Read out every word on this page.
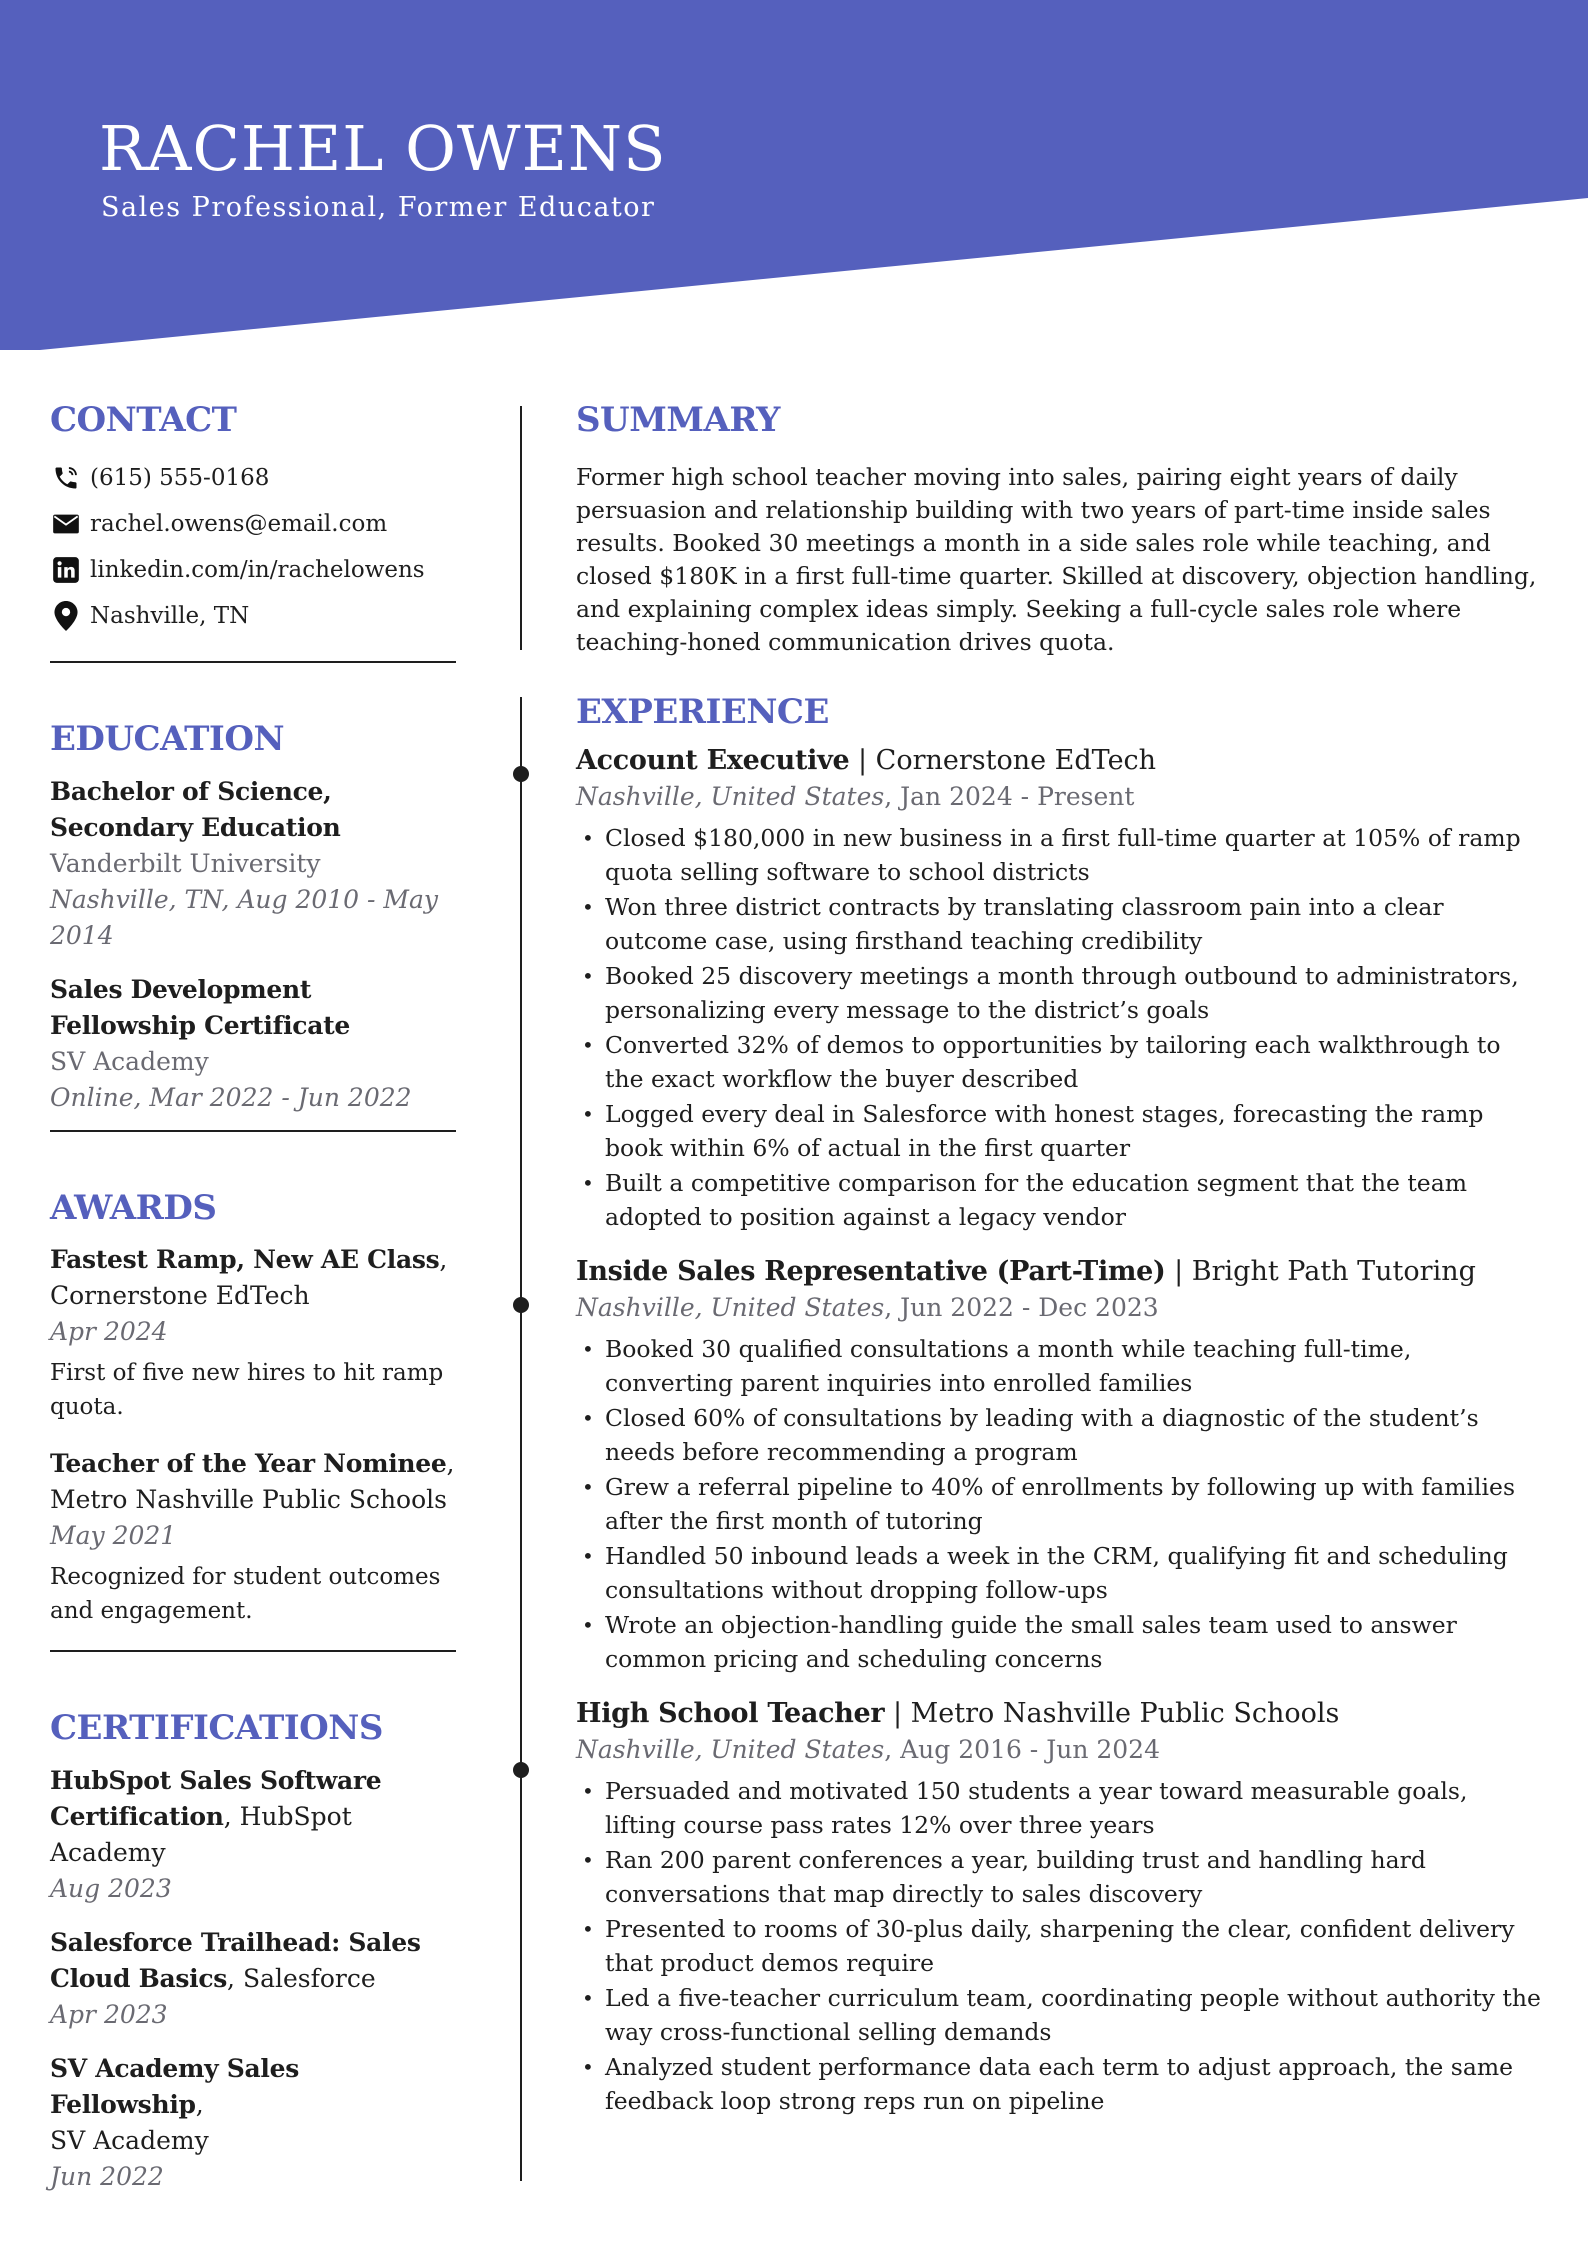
RACHEL OWENS

Sales Professional, Former Educator

CONTACT
(615) 555-0168
rachel.owens@email.com
linkedin.com/in/rachelowens
Nashville, TN
EDUCATION
Bachelor of Science, Secondary Education
Vanderbilt University
Nashville, TN, Aug 2010 - May 2014
Sales Development Fellowship Certificate
SV Academy
Online, Mar 2022 - Jun 2022
AWARDS
Fastest Ramp, New AE Class,
Cornerstone EdTech
Apr 2024
First of five new hires to hit ramp quota.
Teacher of the Year Nominee,
Metro Nashville Public Schools
May 2021
Recognized for student outcomes and engagement.
CERTIFICATIONS
HubSpot Sales Software Certification, HubSpot Academy
Aug 2023
Salesforce Trailhead: Sales Cloud Basics, Salesforce
Apr 2023
SV Academy Sales Fellowship,
SV Academy
Jun 2022
SUMMARY

Former high school teacher moving into sales, pairing eight years of daily persuasion and relationship building with two years of part-time inside sales results. Booked 30 meetings a month in a side sales role while teaching, and closed $180K in a first full-time quarter. Skilled at discovery, objection handling, and explaining complex ideas simply. Seeking a full-cycle sales role where teaching-honed communication drives quota.

EXPERIENCE
Account Executive | Cornerstone EdTech
Nashville, United States, Jan 2024 - Present
• Closed $180,000 in new business in a first full-time quarter at 105% of ramp quota selling software to school districts
• Won three district contracts by translating classroom pain into a clear outcome case, using firsthand teaching credibility
• Booked 25 discovery meetings a month through outbound to administrators, personalizing every message to the district’s goals
• Converted 32% of demos to opportunities by tailoring each walkthrough to the exact workflow the buyer described
• Logged every deal in Salesforce with honest stages, forecasting the ramp book within 6% of actual in the first quarter
• Built a competitive comparison for the education segment that the team adopted to position against a legacy vendor
Inside Sales Representative (Part-Time) | Bright Path Tutoring
Nashville, United States, Jun 2022 - Dec 2023
• Booked 30 qualified consultations a month while teaching full-time, converting parent inquiries into enrolled families
• Closed 60% of consultations by leading with a diagnostic of the student’s needs before recommending a program
• Grew a referral pipeline to 40% of enrollments by following up with families after the first month of tutoring
• Handled 50 inbound leads a week in the CRM, qualifying fit and scheduling consultations without dropping follow-ups
• Wrote an objection-handling guide the small sales team used to answer common pricing and scheduling concerns
High School Teacher | Metro Nashville Public Schools
Nashville, United States, Aug 2016 - Jun 2024
• Persuaded and motivated 150 students a year toward measurable goals, lifting course pass rates 12% over three years
• Ran 200 parent conferences a year, building trust and handling hard conversations that map directly to sales discovery
• Presented to rooms of 30-plus daily, sharpening the clear, confident delivery that product demos require
• Led a five-teacher curriculum team, coordinating people without authority the way cross-functional selling demands
• Analyzed student performance data each term to adjust approach, the same feedback loop strong reps run on pipeline
